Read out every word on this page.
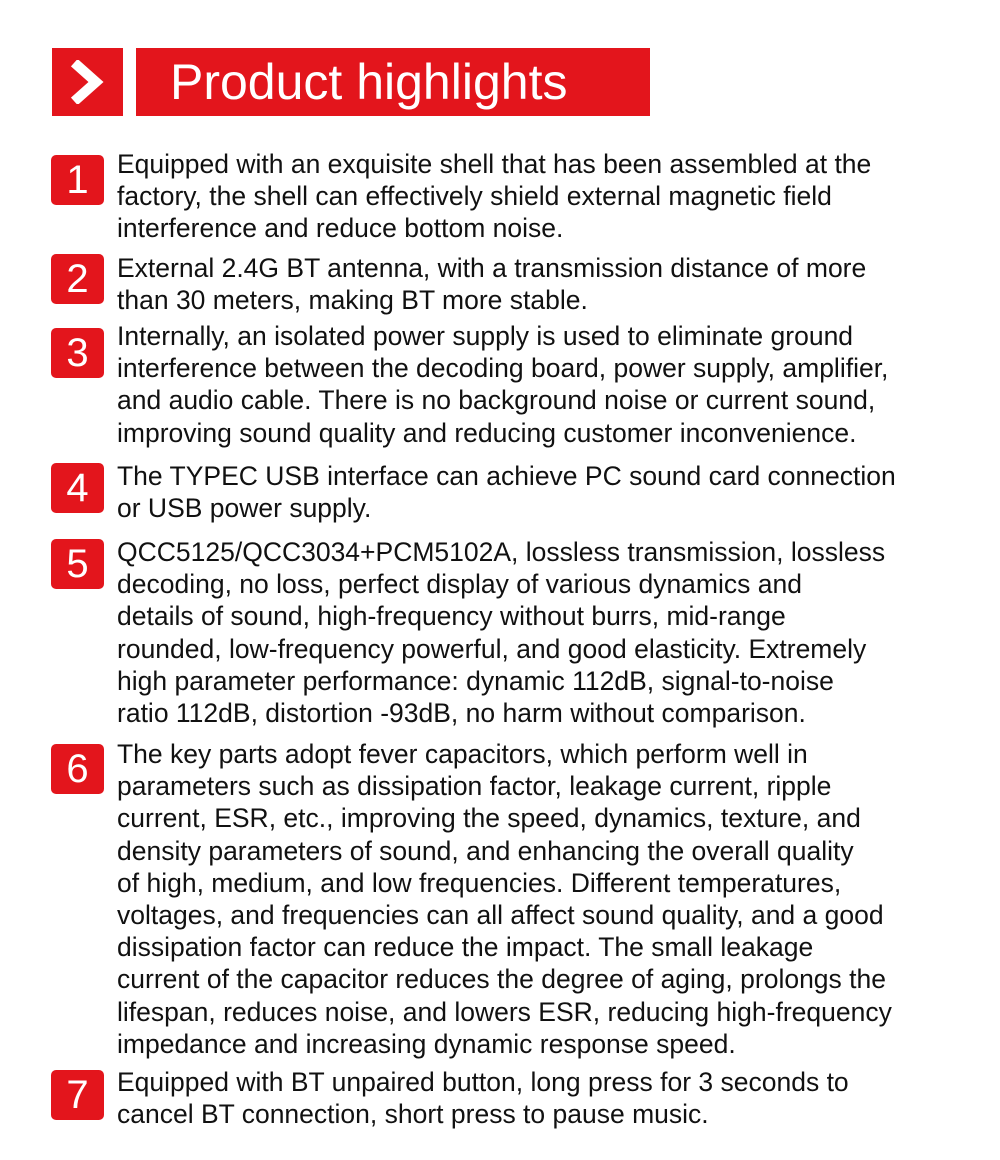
Product highlights
1	Equipped with an exquisite shell that has been assembled at the
factory, the shell can effectively shield external magnetic field
interference and reduce bottom noise.

2	External 2.4G BT antenna, with a transmission distance of more
than 30 meters, making BT more stable.

3	Internally, an isolated power supply is used to eliminate ground
interference between the decoding board, power supply, amplifier,
and audio cable. There is no background noise or current sound,
improving sound quality and reducing customer inconvenience.

4	The TYPEC USB interface can achieve PC sound card connection
or USB power supply.

5	QCC5125/QCC3034+PCM5102A, lossless transmission, lossless
decoding, no loss, perfect display of various dynamics and
details of sound, high-frequency without burrs, mid-range
rounded, low-frequency powerful, and good elasticity. Extremely
high parameter performance: dynamic 112dB, signal-to-noise
ratio 112dB, distortion -93dB, no harm without comparison.

6	The key parts adopt fever capacitors, which perform well in
parameters such as dissipation factor, leakage current, ripple
current, ESR, etc., improving the speed, dynamics, texture, and
density parameters of sound, and enhancing the overall quality
of high, medium, and low frequencies. Different temperatures,
voltages, and frequencies can all affect sound quality, and a good
dissipation factor can reduce the impact. The small leakage
current of the capacitor reduces the degree of aging, prolongs the
lifespan, reduces noise, and lowers ESR, reducing high-frequency
impedance and increasing dynamic response speed.

7	Equipped with BT unpaired button, long press for 3 seconds to
cancel BT connection, short press to pause music.
